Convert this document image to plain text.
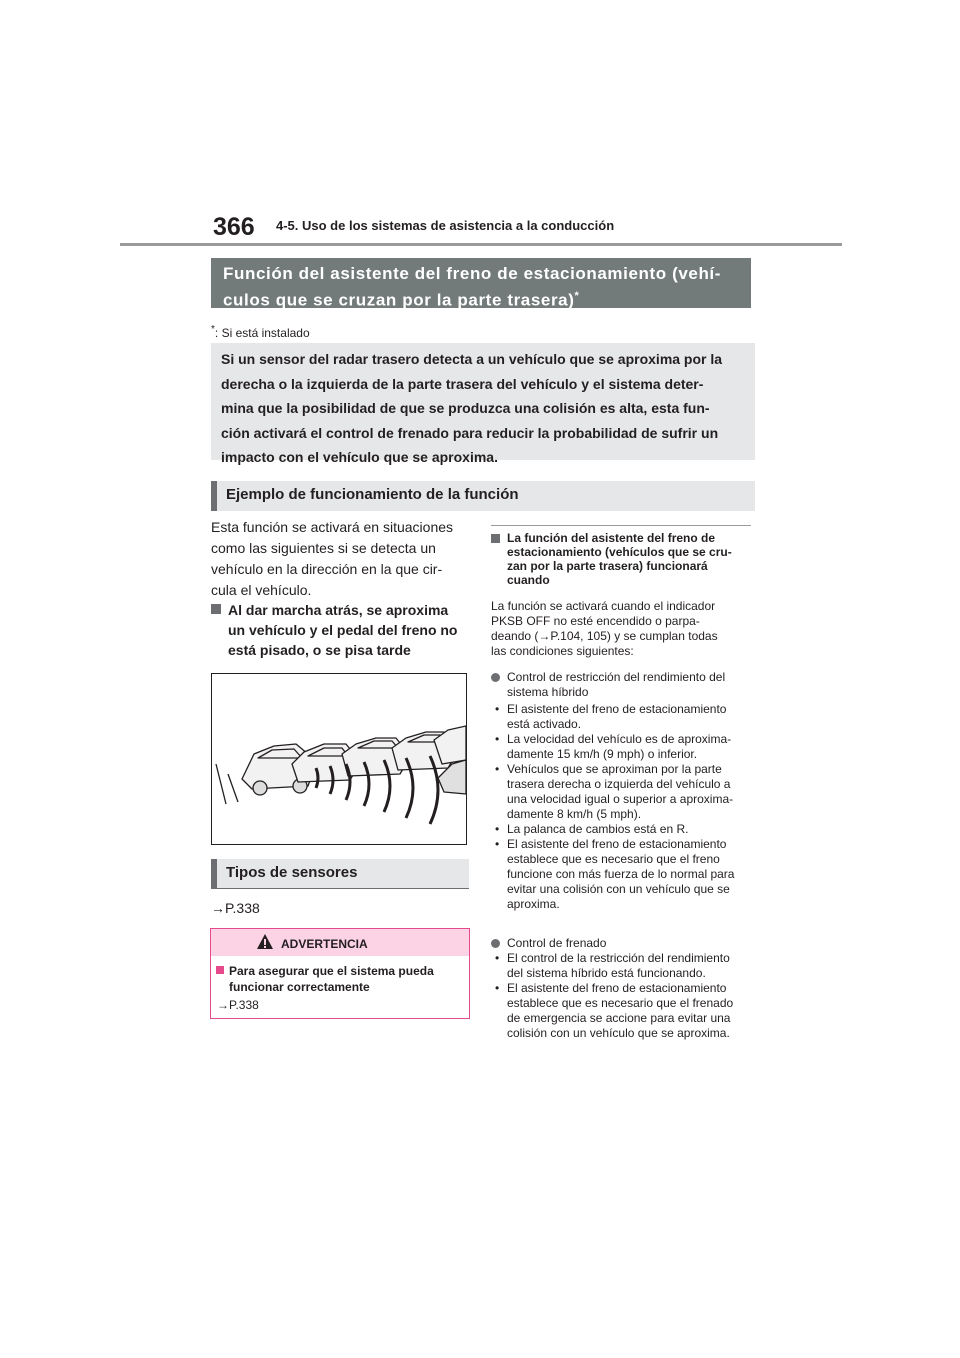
366 4-5. Uso de los sistemas de asistencia a la conducción
Función del asistente del freno de estacionamiento (vehí-
culos que se cruzan por la parte trasera)*
*: Si está instalado
Si un sensor del radar trasero detecta a un vehículo que se aproxima por la
derecha o la izquierda de la parte trasera del vehículo y el sistema deter-
mina que la posibilidad de que se produzca una colisión es alta, esta fun-
ción activará el control de frenado para reducir la probabilidad de sufrir un
impacto con el vehículo que se aproxima.
Ejemplo de funcionamiento de la función
Esta función se activará en situaciones
como las siguientes si se detecta un
vehículo en la dirección en la que cir-
cula el vehículo.
Al dar marcha atrás, se aproxima
un vehículo y el pedal del freno no
está pisado, o se pisa tarde
Tipos de sensores
→P.338
ADVERTENCIA
Para asegurar que el sistema pueda
funcionar correctamente
→P.338
La función del asistente del freno de
estacionamiento (vehículos que se cru-
zan por la parte trasera) funcionará
cuando
La función se activará cuando el indicador
PKSB OFF no esté encendido o parpa-
deando (→P.104, 105) y se cumplan todas
las condiciones siguientes:
Control de restricción del rendimiento del
sistema híbrido
• El asistente del freno de estacionamiento
está activado.
• La velocidad del vehículo es de aproxima-
damente 15 km/h (9 mph) o inferior.
• Vehículos que se aproximan por la parte
trasera derecha o izquierda del vehículo a
una velocidad igual o superior a aproxima-
damente 8 km/h (5 mph).
• La palanca de cambios está en R.
• El asistente del freno de estacionamiento
establece que es necesario que el freno
funcione con más fuerza de lo normal para
evitar una colisión con un vehículo que se
aproxima.
Control de frenado
• El control de la restricción del rendimiento
del sistema híbrido está funcionando.
• El asistente del freno de estacionamiento
establece que es necesario que el frenado
de emergencia se accione para evitar una
colisión con un vehículo que se aproxima.
